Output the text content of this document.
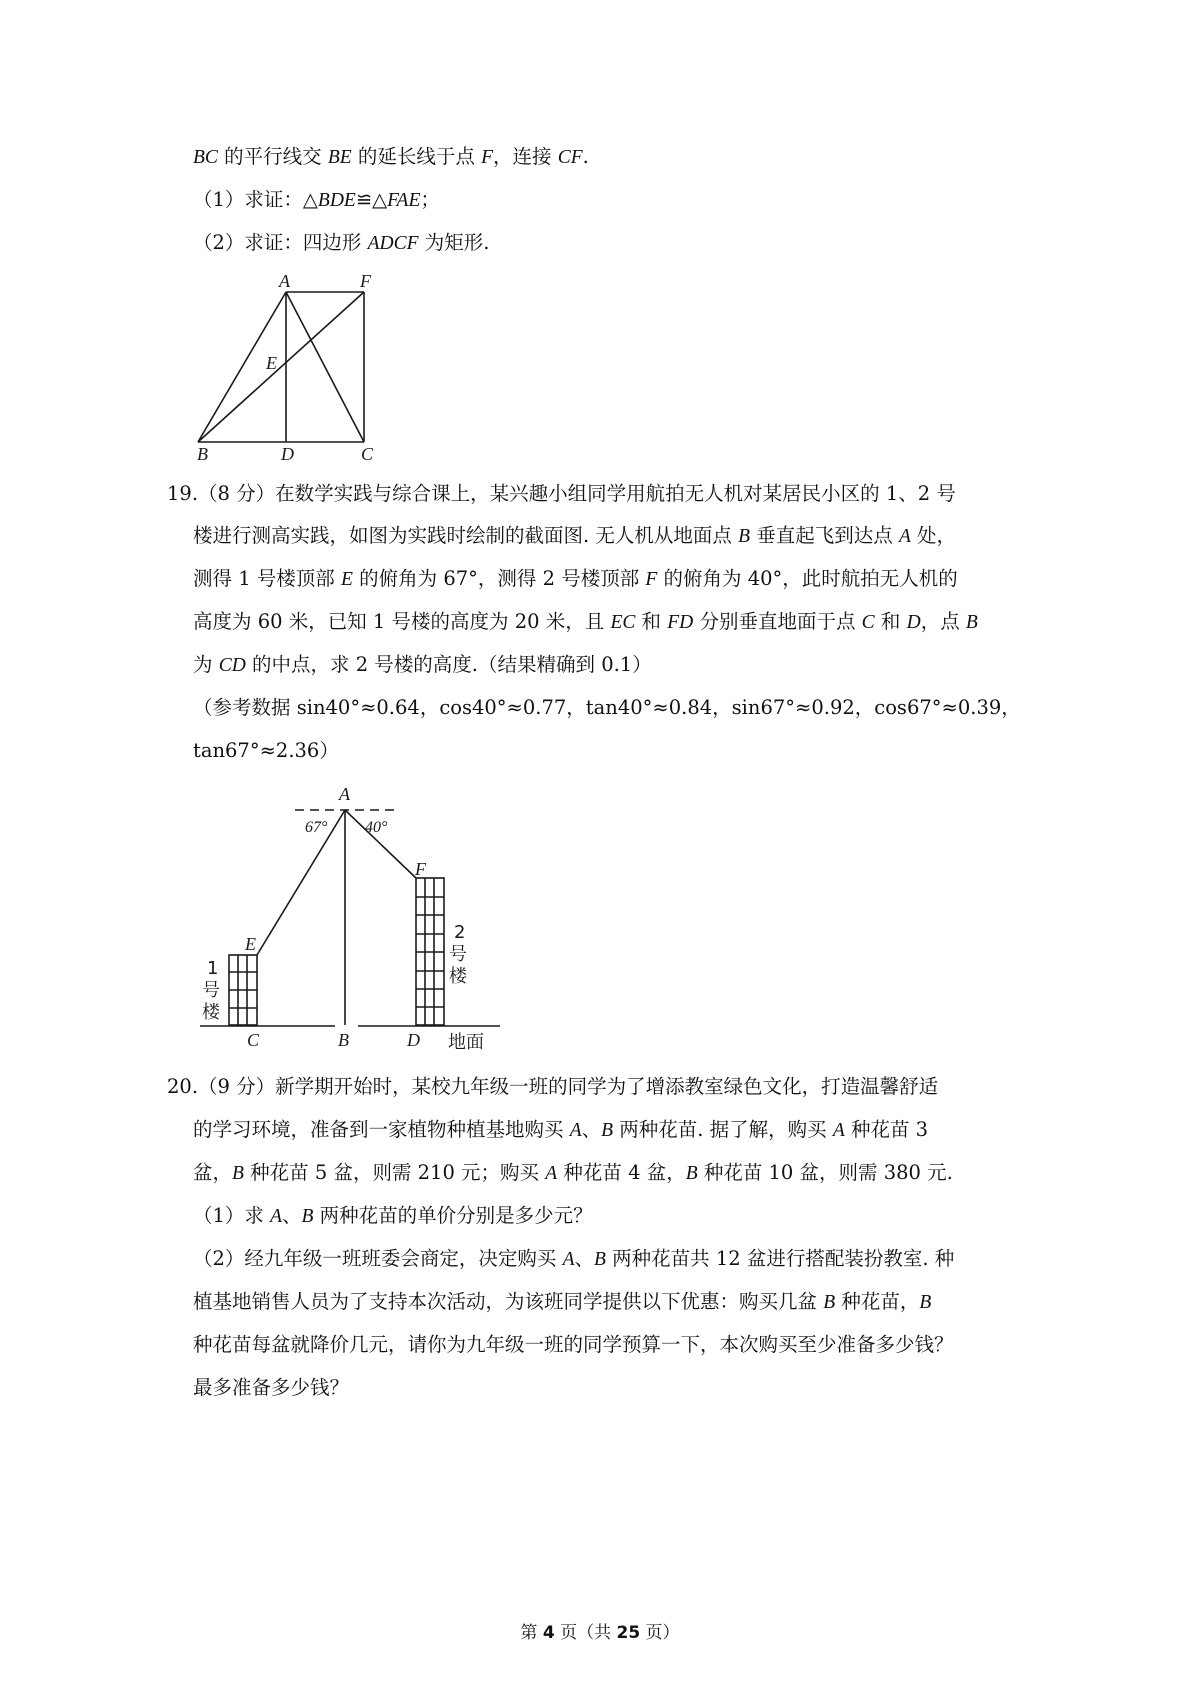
BC 的平行线交 BE 的延长线于点 F，连接 CF.
（1）求证：△BDE≌△FAE；
（2）求证：四边形 ADCF 为矩形.
A	F
E
B	D	C
19.（8 分）在数学实践与综合课上，某兴趣小组同学用航拍无人机对某居民小区的 1、2 号
楼进行测高实践，如图为实践时绘制的截面图. 无人机从地面点 B 垂直起飞到达点 A 处，
测得 1 号楼顶部 E 的俯角为 67°，测得 2 号楼顶部 F 的俯角为 40°，此时航拍无人机的
高度为 60 米，已知 1 号楼的高度为 20 米，且 EC 和 FD 分别垂直地面于点 C 和 D，点 B
为 CD 的中点，求 2 号楼的高度.（结果精确到 0.1）
（参考数据 sin40°≈0.64，cos40°≈0.77，tan40°≈0.84，sin67°≈0.92，cos67°≈0.39，
tan67°≈2.36）
A
67° 40°
E
F
C	B	D 地面
1
号
楼
2
号
楼
20.（9 分）新学期开始时，某校九年级一班的同学为了增添教室绿色文化，打造温馨舒适
的学习环境，准备到一家植物种植基地购买 A、B 两种花苗. 据了解，购买 A 种花苗 3
盆，B 种花苗 5 盆，则需 210 元；购买 A 种花苗 4 盆，B 种花苗 10 盆，则需 380 元.
（1）求 A、B 两种花苗的单价分别是多少元？
（2）经九年级一班班委会商定，决定购买 A、B 两种花苗共 12 盆进行搭配装扮教室. 种
植基地销售人员为了支持本次活动，为该班同学提供以下优惠：购买几盆 B 种花苗，B
种花苗每盆就降价几元，请你为九年级一班的同学预算一下，本次购买至少准备多少钱？
最多准备多少钱？
第 4 页（共 25 页）
